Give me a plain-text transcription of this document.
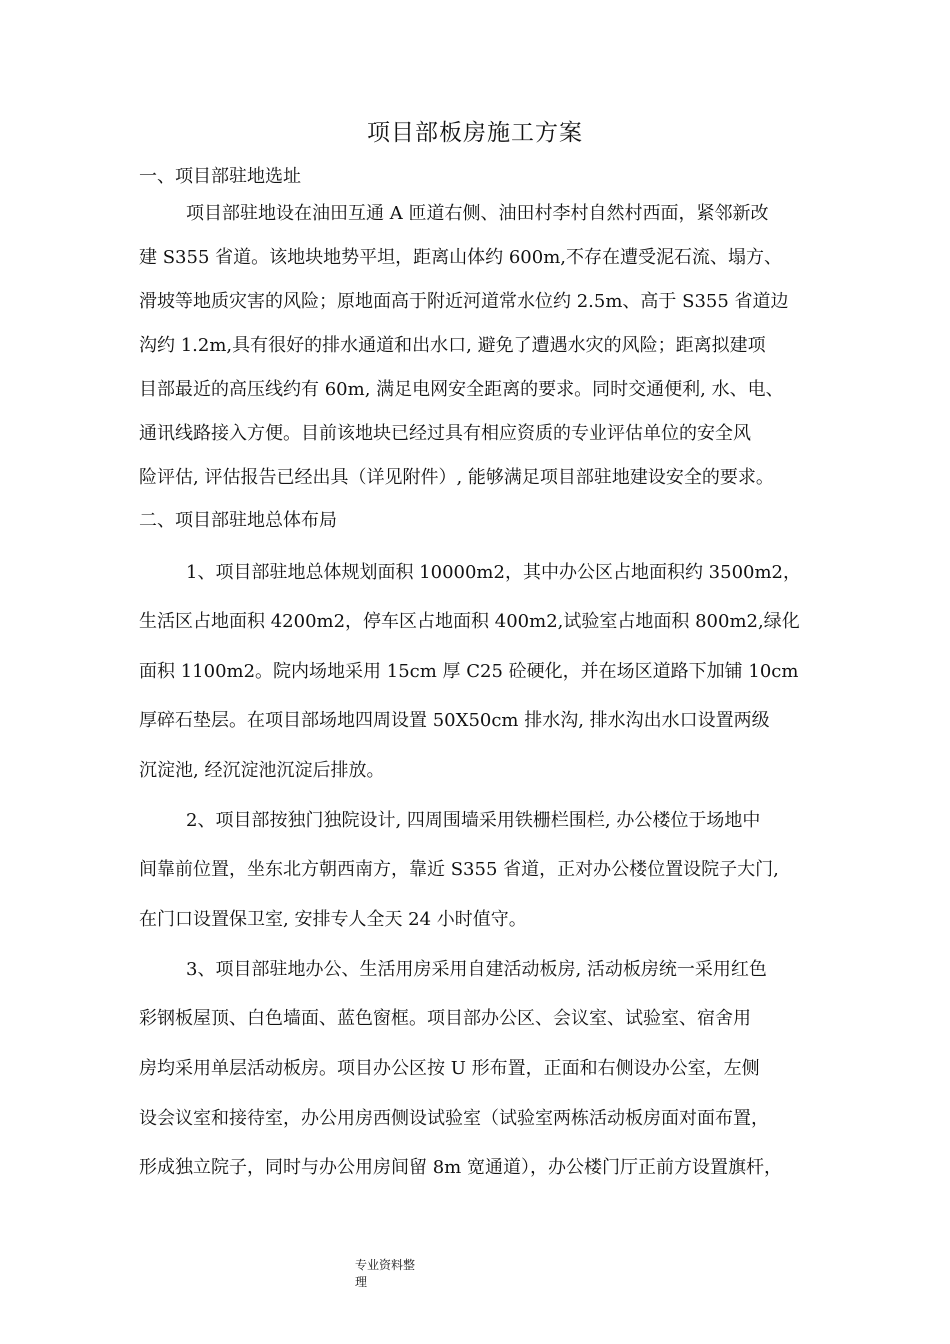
项目部板房施工方案
一、项目部驻地选址
项目部驻地设在油田互通 A 匝道右侧、油田村李村自然村西面，紧邻新改
建 S355 省道。该地块地势平坦，距离山体约 600m,不存在遭受泥石流、塌方、
滑坡等地质灾害的风险；原地面高于附近河道常水位约 2.5m、高于 S355 省道边
沟约 1.2m,具有很好的排水通道和出水口, 避免了遭遇水灾的风险；距离拟建项
目部最近的高压线约有 60m, 满足电网安全距离的要求。同时交通便利, 水、电、
通讯线路接入方便。目前该地块已经过具有相应资质的专业评估单位的安全风
险评估, 评估报告已经出具（详见附件）, 能够满足项目部驻地建设安全的要求。
二、项目部驻地总体布局
1、项目部驻地总体规划面积 10000m2，其中办公区占地面积约 3500m2，
生活区占地面积 4200m2，停车区占地面积 400m2,试验室占地面积 800m2,绿化
面积 1100m2。院内场地采用 15cm 厚 C25 砼硬化，并在场区道路下加铺 10cm
厚碎石垫层。在项目部场地四周设置 50X50cm 排水沟, 排水沟出水口设置两级
沉淀池, 经沉淀池沉淀后排放。
2、项目部按独门独院设计, 四周围墙采用铁栅栏围栏, 办公楼位于场地中
间靠前位置，坐东北方朝西南方，靠近 S355 省道，正对办公楼位置设院子大门,
在门口设置保卫室, 安排专人全天 24 小时值守。
3、项目部驻地办公、生活用房采用自建活动板房, 活动板房统一采用红色
彩钢板屋顶、白色墙面、蓝色窗框。项目部办公区、会议室、试验室、宿舍用
房均采用单层活动板房。项目办公区按 U 形布置，正面和右侧设办公室，左侧
设会议室和接待室，办公用房西侧设试验室（试验室两栋活动板房面对面布置，
形成独立院子，同时与办公用房间留 8m 宽通道），办公楼门厅正前方设置旗杆，
专业资料整
理
